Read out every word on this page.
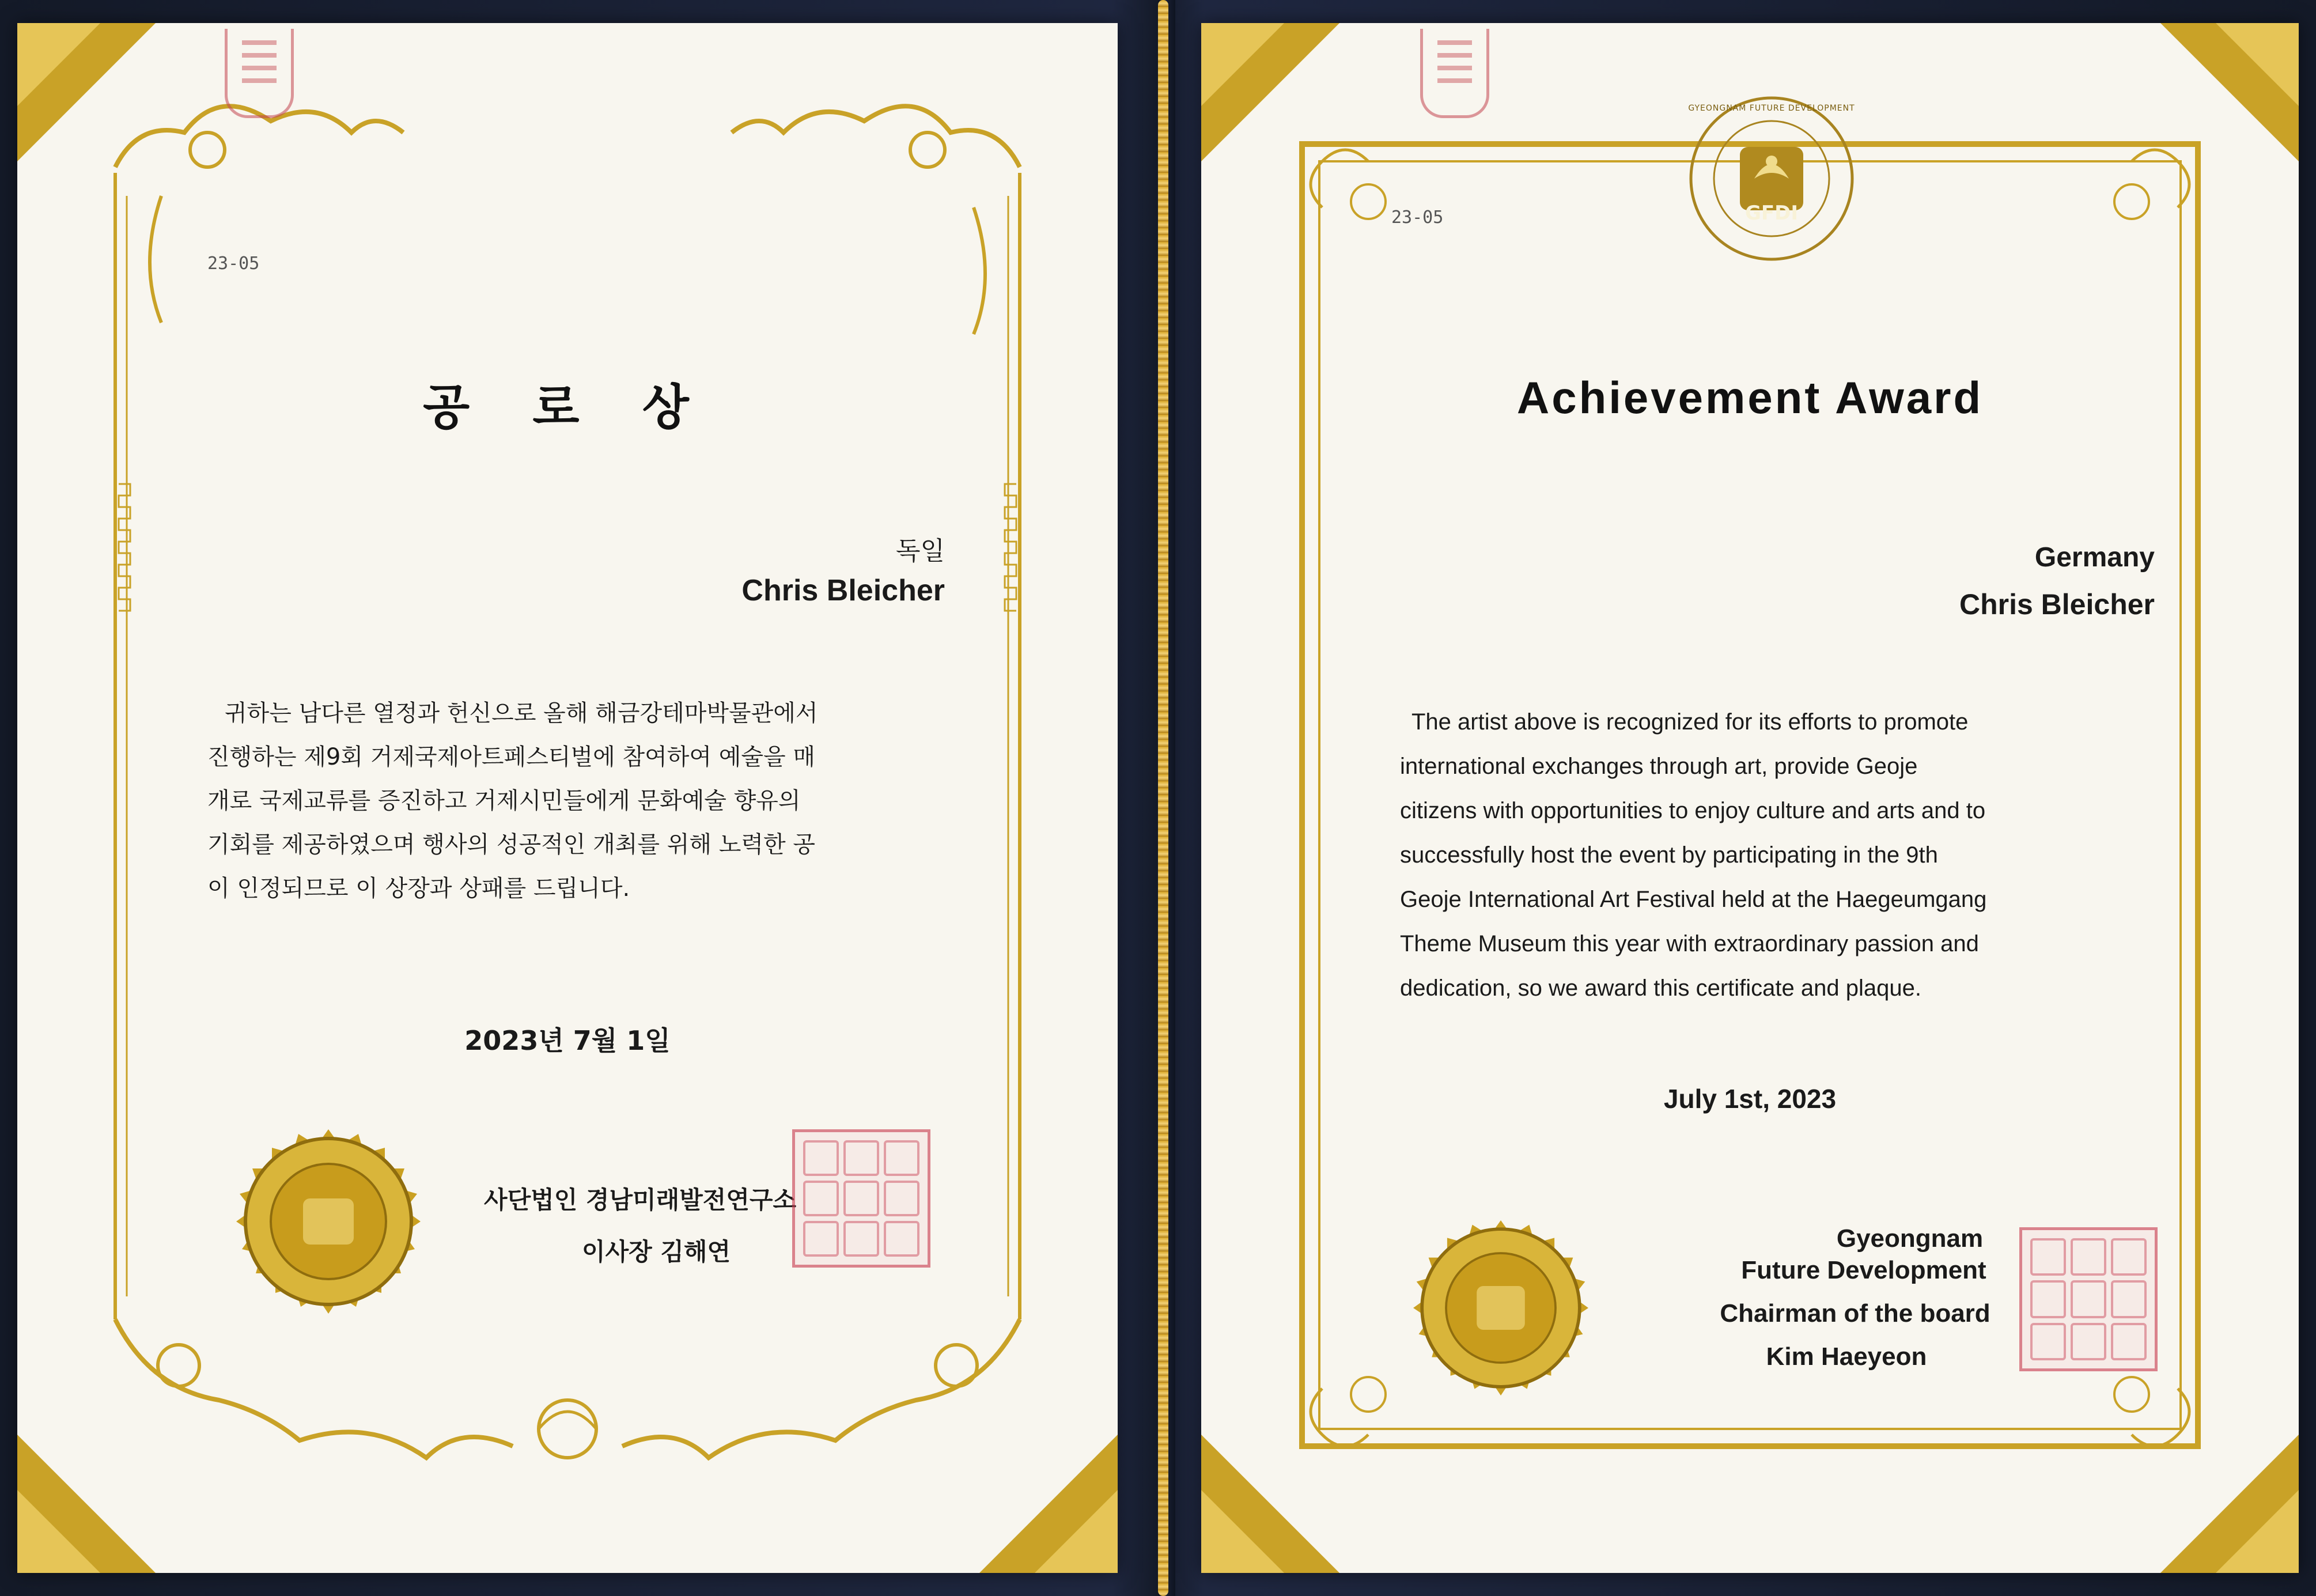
23-05
공 로 상
독일
Chris Bleicher

귀하는 남다른 열정과 헌신으로 올해 해금강테마박물관에서

진행하는 제9회 거제국제아트페스티벌에 참여하여 예술을 매

개로 국제교류를 증진하고 거제시민들에게 문화예술 향유의

기회를 제공하였으며 행사의 성공적인 개최를 위해 노력한 공

이 인정되므로 이 상장과 상패를 드립니다.

2023년 7월 1일
사단법인 경남미래발전연구소
이사장 김해연
23-05	GFDI
GYEONGNAM FUTURE DEVELOPMENT
Achievement Award
Germany
Chris Bleicher

The artist above is recognized for its efforts to promote

international exchanges through art, provide Geoje

citizens with opportunities to enjoy culture and arts and to

successfully host the event by participating in the 9th

Geoje International Art Festival held at the Haegeumgang

Theme Museum this year with extraordinary passion and

dedication, so we award this certificate and plaque.

July 1st, 2023
Gyeongnam
Future Development
Chairman of the board
Kim Haeyeon
